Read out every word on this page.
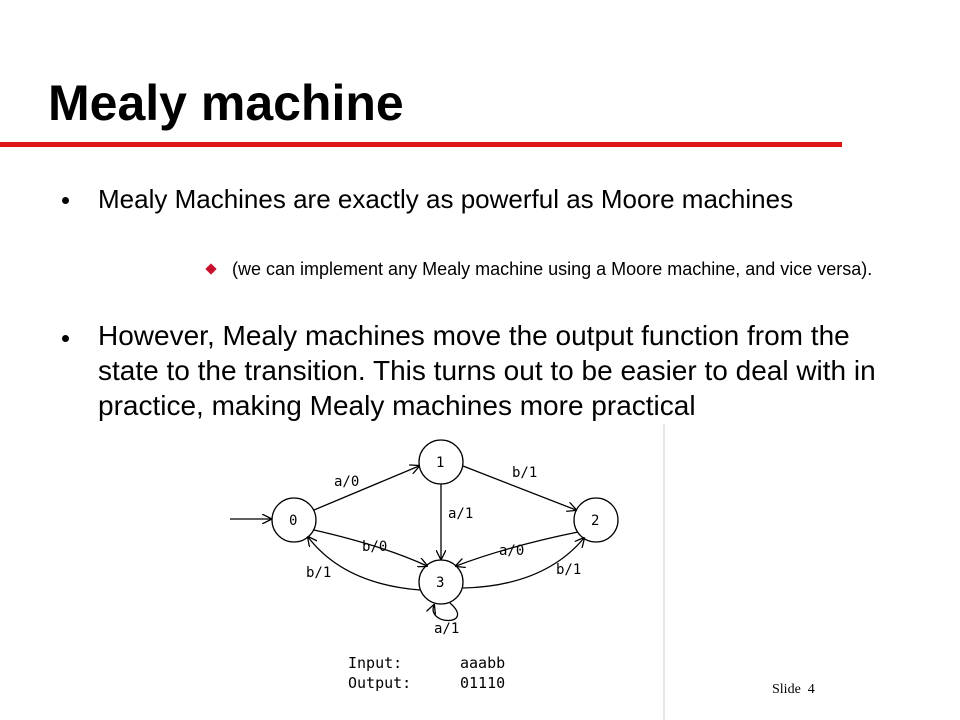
Mealy machine
Mealy Machines are exactly as powerful as Moore machines
(we can implement any Mealy machine using a Moore machine, and vice versa).
However, Mealy machines move the output function from the state to the transition. This turns out to be easier to deal with in practice, making Mealy machines more practical
0
1
2
3
a/0
b/1
a/1
b/0
b/1
a/0
b/1
a/1
Input:	aaabb
Output:	01110	Slide 4
